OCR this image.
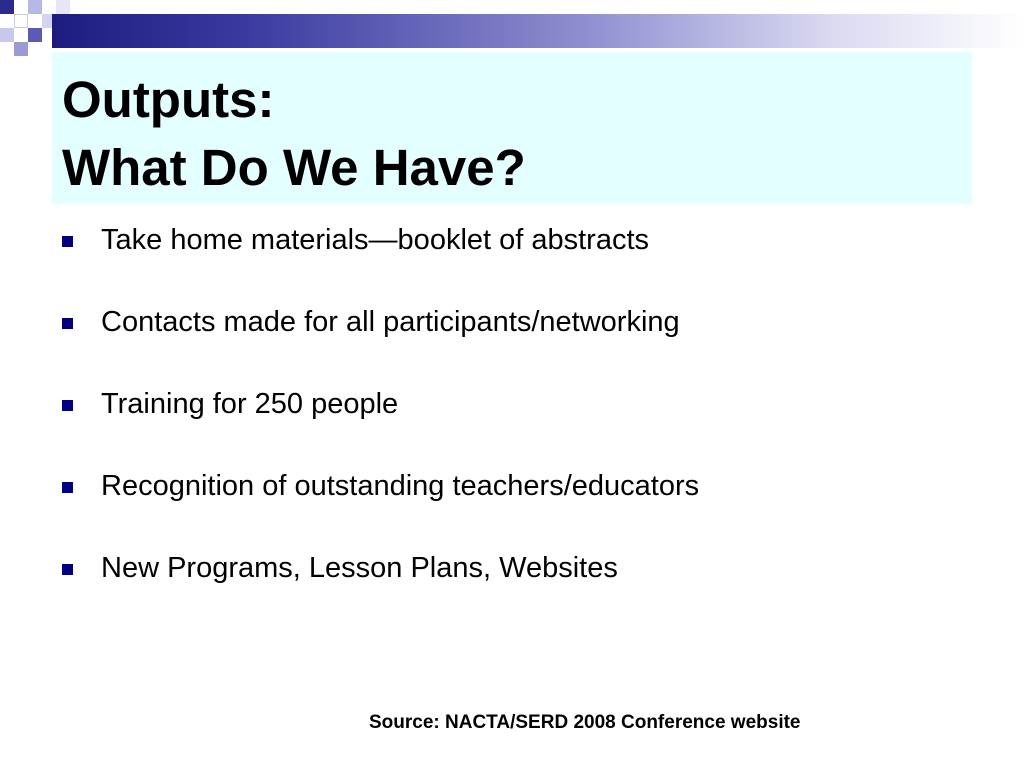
Outputs:

What Do We Have?

Take home materials—booklet of abstracts
Contacts made for all participants/networking
Training for 250 people
Recognition of outstanding teachers/educators
New Programs, Lesson Plans, Websites
Source: NACTA/SERD 2008 Conference website
